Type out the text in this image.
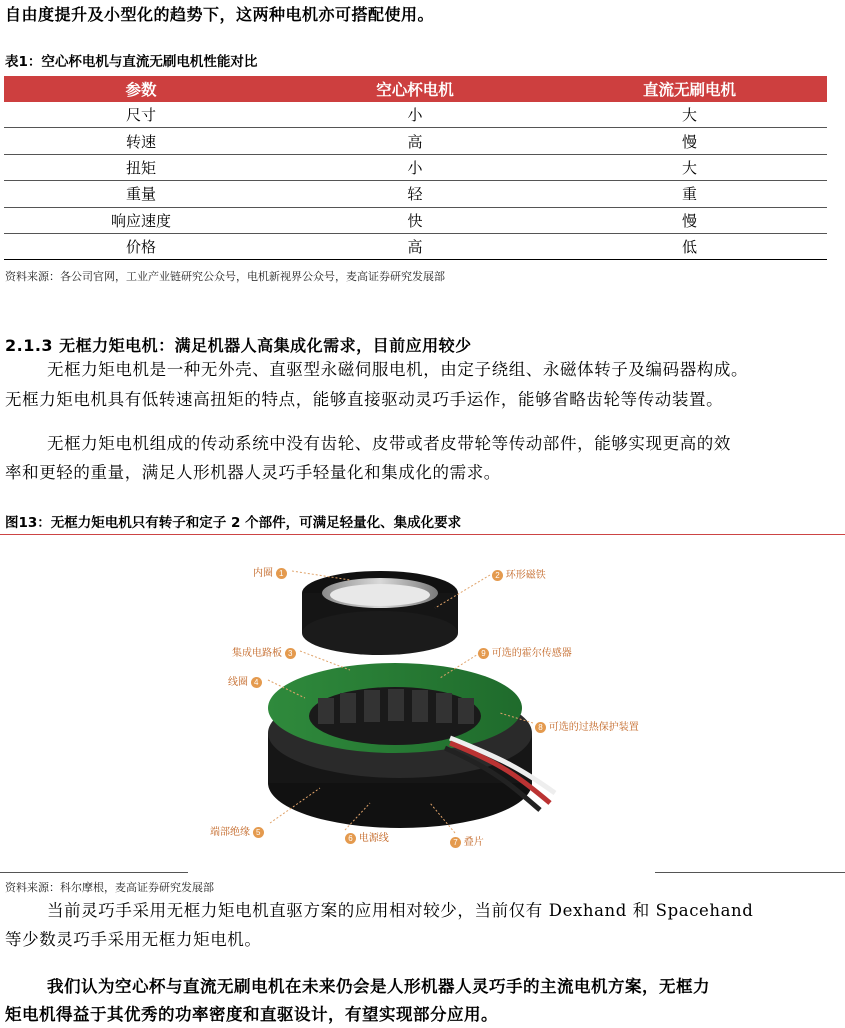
自由度提升及小型化的趋势下，这两种电机亦可搭配使用。
表1：空心杯电机与直流无刷电机性能对比
参数	空心杯电机	直流无刷电机
尺寸	小	大
转速	高	慢
扭矩	小	大
重量	轻	重
响应速度	快	慢
价格	高	低
资料来源：各公司官网，工业产业链研究公众号，电机新视界公众号，麦高证券研究发展部
2.1.3 无框力矩电机：满足机器人高集成化需求，目前应用较少
无框力矩电机是一种无外壳、直驱型永磁伺服电机，由定子绕组、永磁体转子及编码器构成。
无框力矩电机具有低转速高扭矩的特点，能够直接驱动灵巧手运作，能够省略齿轮等传动装置。
无框力矩电机组成的传动系统中没有齿轮、皮带或者皮带轮等传动部件，能够实现更高的效
率和更轻的重量，满足人形机器人灵巧手轻量化和集成化的需求。
图13：无框力矩电机只有转子和定子 2 个部件，可满足轻量化、集成化要求
内圈 1	2 环形磁铁
集成电路板 3
线圈 4
9 可选的霍尔传感器
8 可选的过热保护装置
端部绝缘 5
6 电源线	7 叠片
资料来源：科尔摩根，麦高证券研究发展部
当前灵巧手采用无框力矩电机直驱方案的应用相对较少，当前仅有 Dexhand 和 Spacehand
等少数灵巧手采用无框力矩电机。
我们认为空心杯与直流无刷电机在未来仍会是人形机器人灵巧手的主流电机方案，无框力
矩电机得益于其优秀的功率密度和直驱设计，有望实现部分应用。
